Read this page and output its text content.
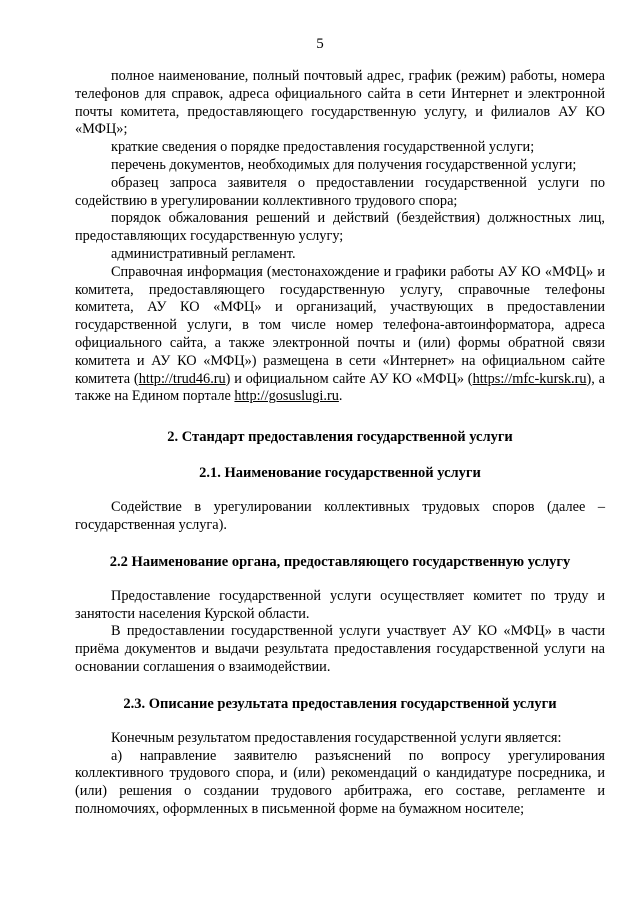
5

полное наименование, полный почтовый адрес, график (режим) работы, номера телефонов для справок, адреса официального сайта в сети Интернет и электронной почты комитета, предоставляющего государственную услугу, и филиалов АУ КО «МФЦ»;

краткие сведения о порядке предоставления государственной услуги;

перечень документов, необходимых для получения государственной услуги;

образец запроса заявителя о предоставлении государственной услуги по содействию в урегулировании коллективного трудового спора;

порядок обжалования решений и действий (бездействия) должностных лиц, предоставляющих государственную услугу;

административный регламент.

Справочная информация (местонахождение и графики работы АУ КО «МФЦ» и комитета, предоставляющего государственную услугу, справочные телефоны комитета, АУ КО «МФЦ» и организаций, участвующих в предоставлении государственной услуги, в том числе номер телефона-автоинформатора, адреса официального сайта, а также электронной почты и (или) формы обратной связи комитета и АУ КО «МФЦ») размещена в сети «Интернет» на официальном сайте комитета (http://trud46.ru) и официальном сайте АУ КО «МФЦ» (https://mfc-kursk.ru), а также на Едином портале http://gosuslugi.ru.

2. Стандарт предоставления государственной услуги

2.1. Наименование государственной услуги

Содействие в урегулировании коллективных трудовых споров (далее – государственная услуга).

2.2 Наименование органа, предоставляющего государственную услугу

Предоставление государственной услуги осуществляет комитет по труду и занятости населения Курской области.

В предоставлении государственной услуги участвует АУ КО «МФЦ» в части приёма документов и выдачи результата предоставления государственной услуги на основании соглашения о взаимодействии.

2.3. Описание результата предоставления государственной услуги

Конечным результатом предоставления государственной услуги является:

а) направление заявителю разъяснений по вопросу урегулирования коллективного трудового спора, и (или) рекомендаций о кандидатуре посредника, и (или) решения о создании трудового арбитража, его составе, регламенте и полномочиях, оформленных в письменной форме на бумажном носителе;
